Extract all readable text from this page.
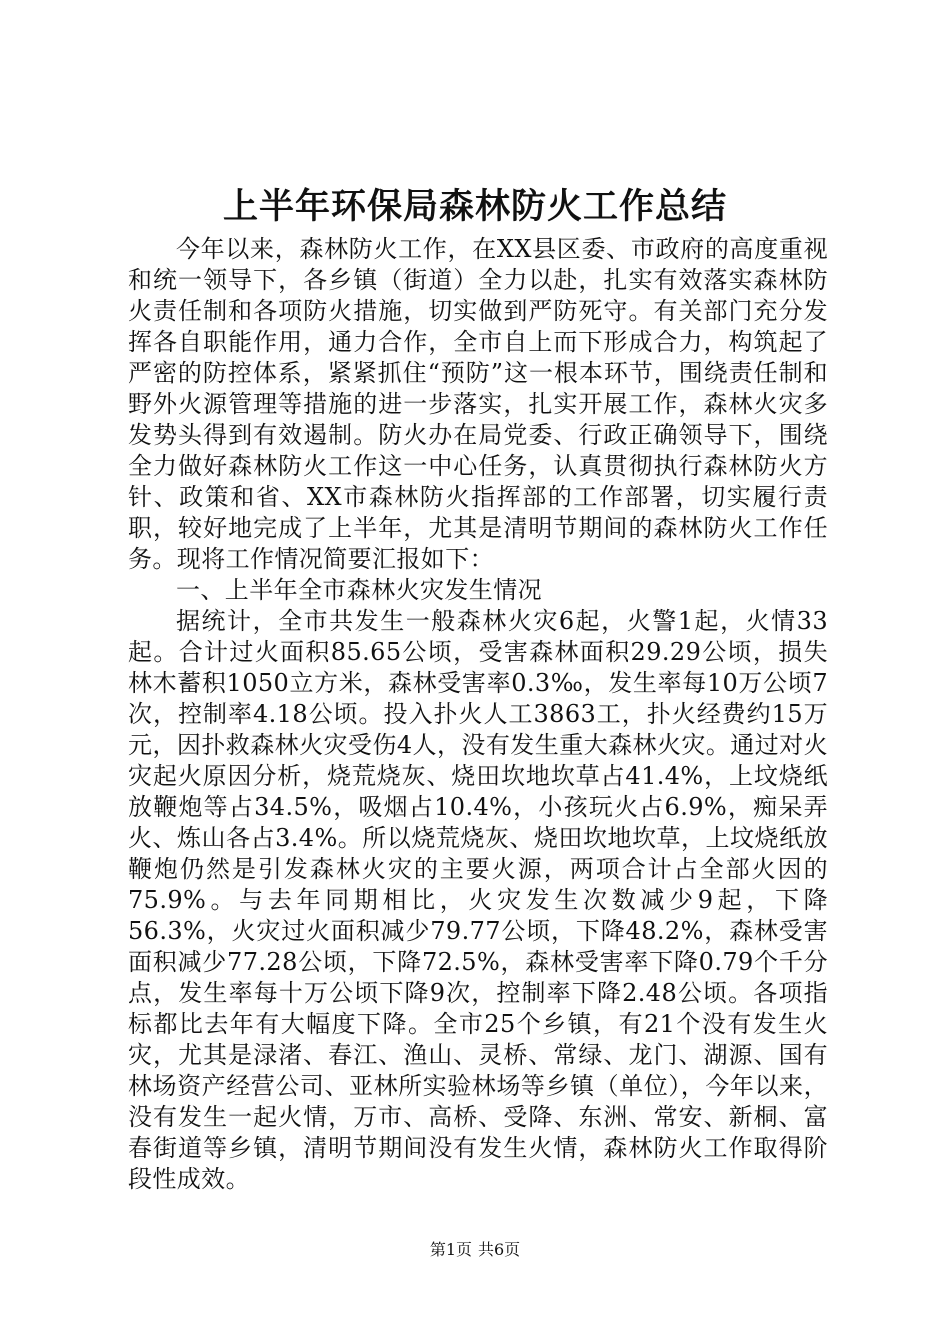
上半年环保局森林防火工作总结

今年以来，森林防火工作，在XX县区委、市政府的高度重视和统一领导下，各乡镇（街道）全力以赴，扎实有效落实森林防火责任制和各项防火措施，切实做到严防死守。有关部门充分发挥各自职能作用，通力合作，全市自上而下形成合力，构筑起了严密的防控体系，紧紧抓住“预防”这一根本环节，围绕责任制和野外火源管理等措施的进一步落实，扎实开展工作，森林火灾多发势头得到有效遏制。防火办在局党委、行政正确领导下，围绕全力做好森林防火工作这一中心任务，认真贯彻执行森林防火方针、政策和省、XX市森林防火指挥部的工作部署，切实履行责职，较好地完成了上半年，尤其是清明节期间的森林防火工作任务。现将工作情况简要汇报如下：

一、上半年全市森林火灾发生情况

据统计，全市共发生一般森林火灾6起，火警1起，火情33起。合计过火面积85.65公顷，受害森林面积29.29公顷，损失林木蓄积1050立方米，森林受害率0.3‰，发生率每10万公顷7次，控制率4.18公顷。投入扑火人工3863工，扑火经费约15万元，因扑救森林火灾受伤4人，没有发生重大森林火灾。通过对火灾起火原因分析，烧荒烧灰、烧田坎地坎草占41.4%，上坟烧纸放鞭炮等占34.5%，吸烟占10.4%，小孩玩火占6.9%，痴呆弄火、炼山各占3.4%。所以烧荒烧灰、烧田坎地坎草，上坟烧纸放鞭炮仍然是引发森林火灾的主要火源，两项合计占全部火因的75.9%。与去年同期相比，火灾发生次数减少9起，下降56.3%，火灾过火面积减少79.77公顷，下降48.2%，森林受害面积减少77.28公顷，下降72.5%，森林受害率下降0.79个千分点，发生率每十万公顷下降9次，控制率下降2.48公顷。各项指标都比去年有大幅度下降。全市25个乡镇，有21个没有发生火灾，尤其是渌渚、春江、渔山、灵桥、常绿、龙门、湖源、国有林场资产经营公司、亚林所实验林场等乡镇（单位），今年以来，没有发生一起火情，万市、高桥、受降、东洲、常安、新桐、富春街道等乡镇，清明节期间没有发生火情，森林防火工作取得阶段性成效。

第1页 共6页
